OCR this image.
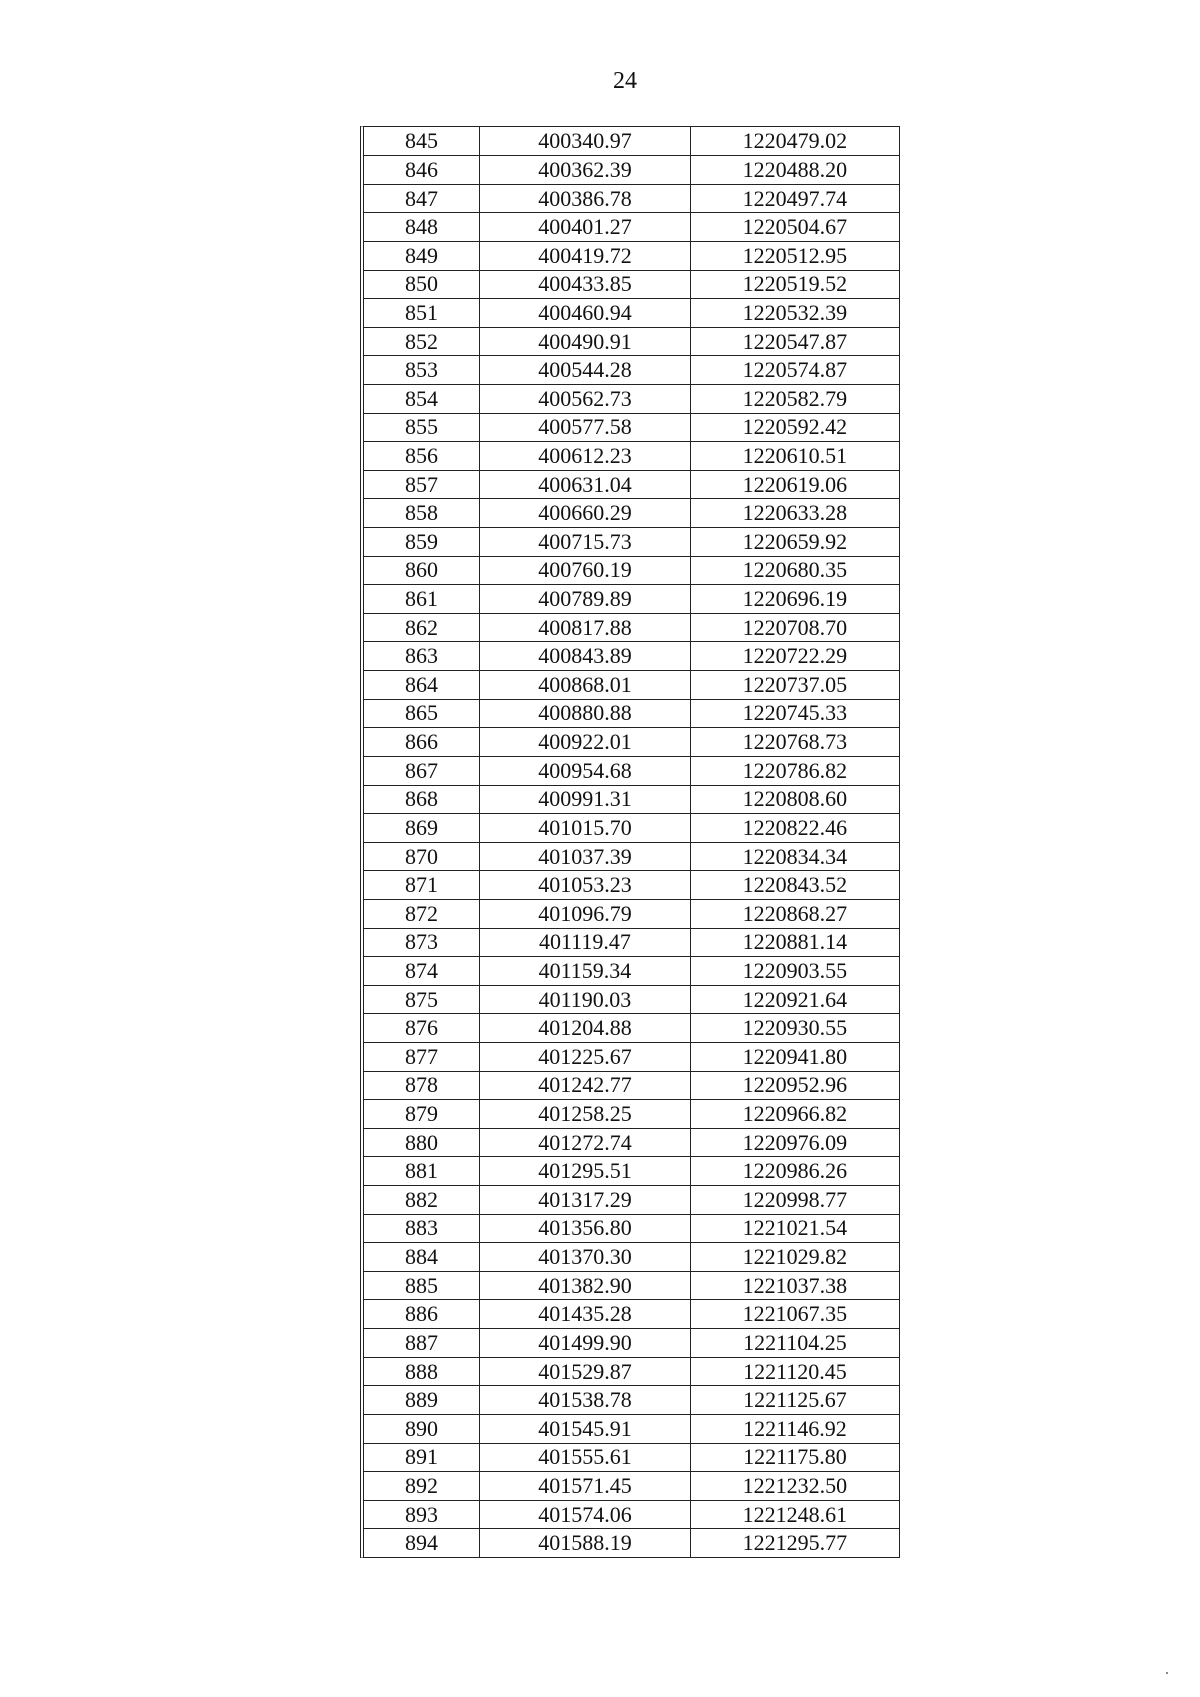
24
845	400340.97	1220479.02
846	400362.39	1220488.20
847	400386.78	1220497.74
848	400401.27	1220504.67
849	400419.72	1220512.95
850	400433.85	1220519.52
851	400460.94	1220532.39
852	400490.91	1220547.87
853	400544.28	1220574.87
854	400562.73	1220582.79
855	400577.58	1220592.42
856	400612.23	1220610.51
857	400631.04	1220619.06
858	400660.29	1220633.28
859	400715.73	1220659.92
860	400760.19	1220680.35
861	400789.89	1220696.19
862	400817.88	1220708.70
863	400843.89	1220722.29
864	400868.01	1220737.05
865	400880.88	1220745.33
866	400922.01	1220768.73
867	400954.68	1220786.82
868	400991.31	1220808.60
869	401015.70	1220822.46
870	401037.39	1220834.34
871	401053.23	1220843.52
872	401096.79	1220868.27
873	401119.47	1220881.14
874	401159.34	1220903.55
875	401190.03	1220921.64
876	401204.88	1220930.55
877	401225.67	1220941.80
878	401242.77	1220952.96
879	401258.25	1220966.82
880	401272.74	1220976.09
881	401295.51	1220986.26
882	401317.29	1220998.77
883	401356.80	1221021.54
884	401370.30	1221029.82
885	401382.90	1221037.38
886	401435.28	1221067.35
887	401499.90	1221104.25
888	401529.87	1221120.45
889	401538.78	1221125.67
890	401545.91	1221146.92
891	401555.61	1221175.80
892	401571.45	1221232.50
893	401574.06	1221248.61
894	401588.19	1221295.77
